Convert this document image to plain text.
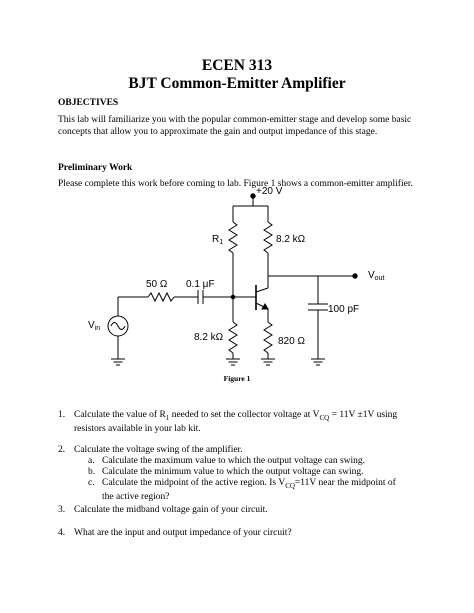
ECEN 313
BJT Common-Emitter Amplifier
OBJECTIVES

This lab will familiarize you with the popular common-emitter stage and develop some basic concepts that allow you to approximate the gain and output impedance of this stage.

Preliminary Work

Please complete this work before coming to lab. Figure 1 shows a common-emitter amplifier.

+20 V
$R_1$	8.2 kΩ
50 Ω 0.1 μF
$V_{out}$
100 pF
$V_{in}$
8.2 kΩ	820 Ω

Figure 1

1. Calculate the value of $R_1$ needed to set the collector voltage at $V_{CQ} = 11V \pm 1V$ using resistors available in your lab kit.
2. Calculate the voltage swing of the amplifier.
a. Calculate the maximum value to which the output voltage can swing.
b. Calculate the minimum value to which the output voltage can swing.
c. Calculate the midpoint of the active region. Is $V_{CQ}=11V$ near the midpoint of the active region?
3. Calculate the midband voltage gain of your circuit.
4. What are the input and output impedance of your circuit?
